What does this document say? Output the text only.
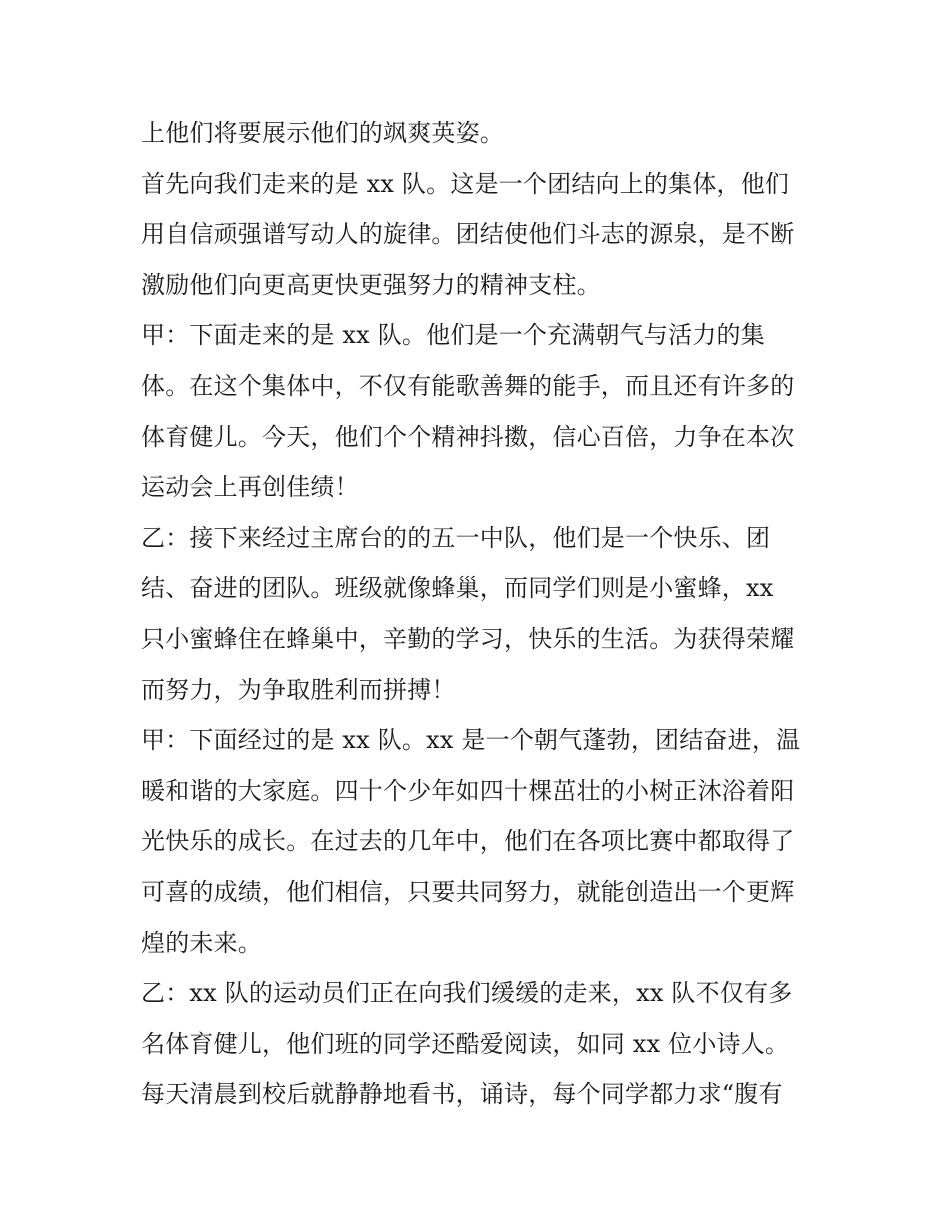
上他们将要展示他们的飒爽英姿。
首先向我们走来的是 xx 队。这是一个团结向上的集体，他们
用自信顽强谱写动人的旋律。团结使他们斗志的源泉，是不断
激励他们向更高更快更强努力的精神支柱。
甲：下面走来的是 xx 队。他们是一个充满朝气与活力的集
体。在这个集体中，不仅有能歌善舞的能手，而且还有许多的
体育健儿。今天，他们个个精神抖擞，信心百倍，力争在本次
运动会上再创佳绩！
乙：接下来经过主席台的的五一中队，他们是一个快乐、团
结、奋进的团队。班级就像蜂巢，而同学们则是小蜜蜂，xx
只小蜜蜂住在蜂巢中，辛勤的学习，快乐的生活。为获得荣耀
而努力，为争取胜利而拼搏！
甲：下面经过的是 xx 队。xx 是一个朝气蓬勃，团结奋进，温
暖和谐的大家庭。四十个少年如四十棵茁壮的小树正沐浴着阳
光快乐的成长。在过去的几年中，他们在各项比赛中都取得了
可喜的成绩，他们相信，只要共同努力，就能创造出一个更辉
煌的未来。
乙：xx 队的运动员们正在向我们缓缓的走来，xx 队不仅有多
名体育健儿，他们班的同学还酷爱阅读，如同 xx 位小诗人。
每天清晨到校后就静静地看书，诵诗，每个同学都力求“腹有
